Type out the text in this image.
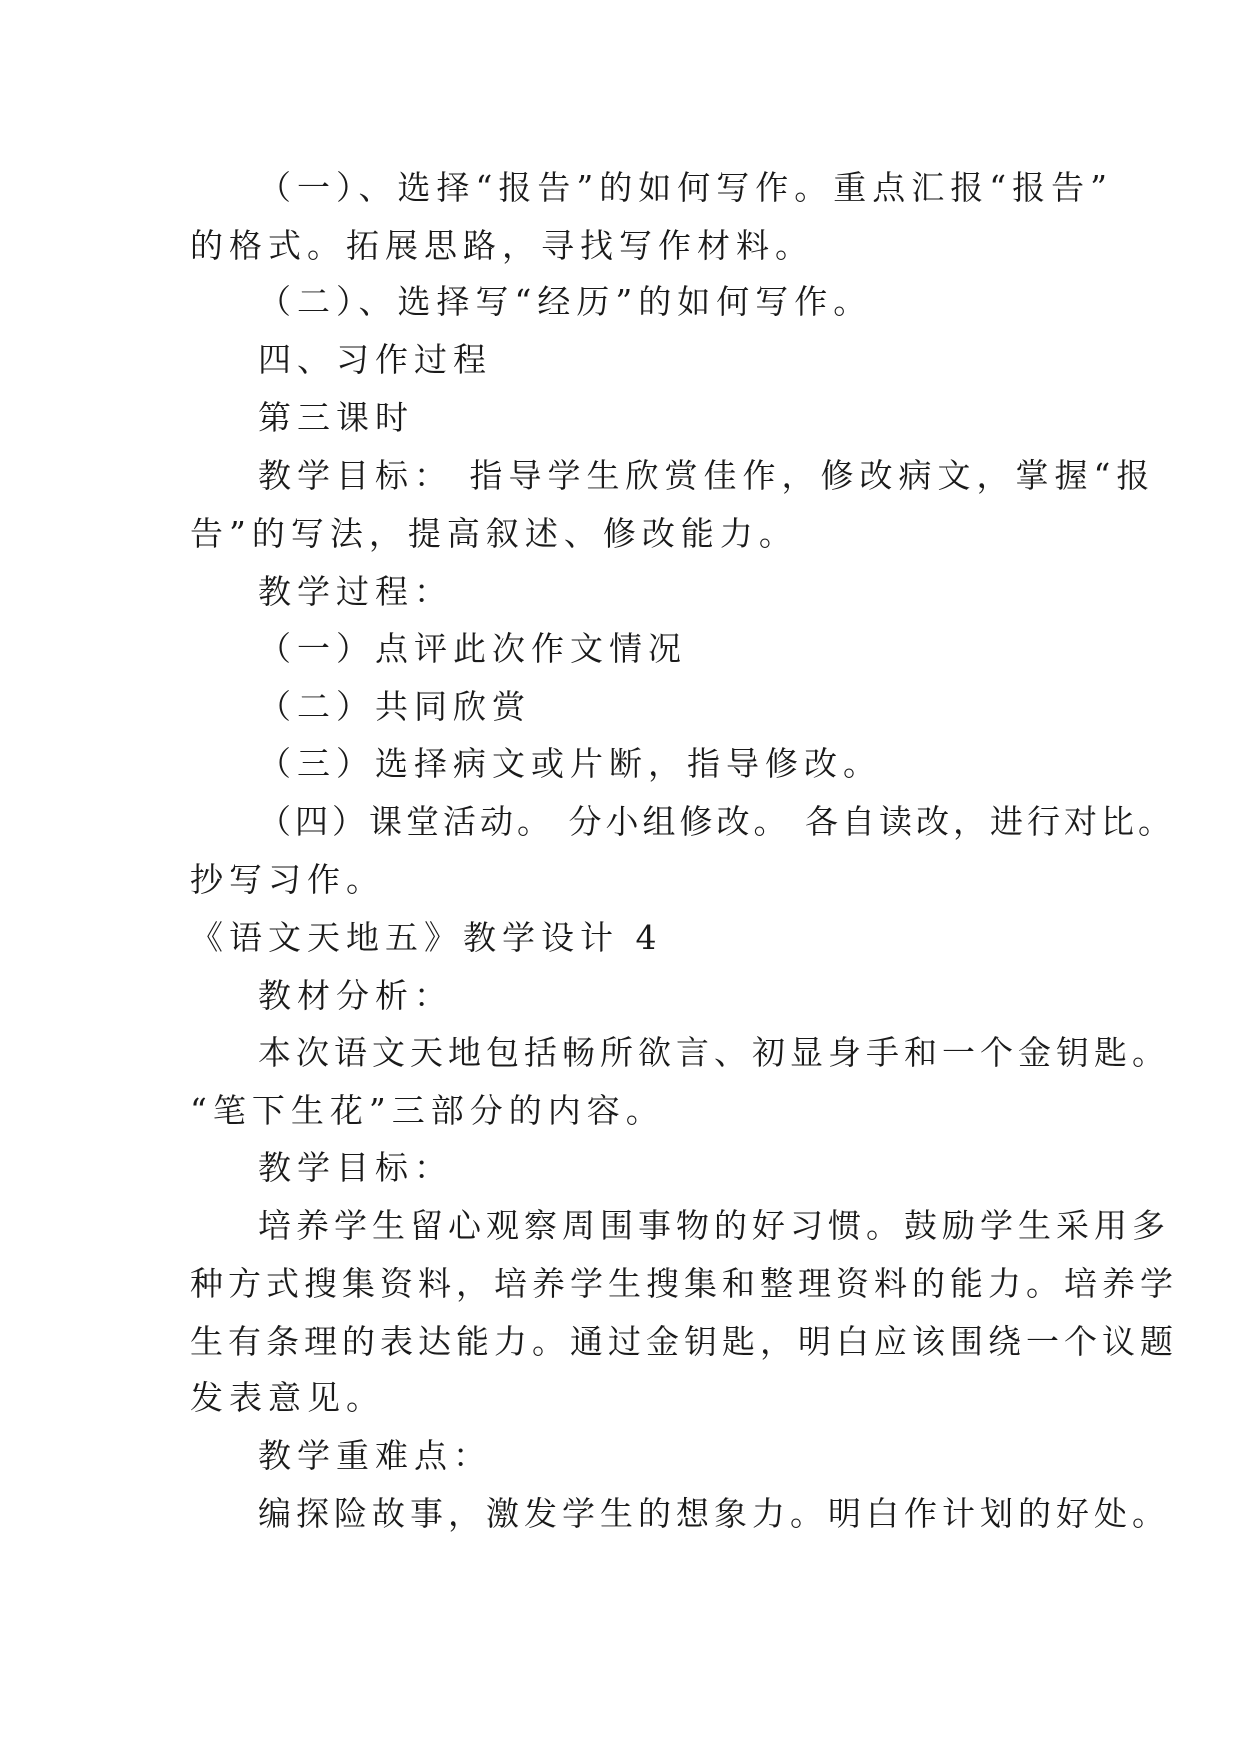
（一）、选择“报告”的如何写作。重点汇报“报告”
的格式。拓展思路，寻找写作材料。
（二）、选择写“经历”的如何写作。
四、习作过程
第三课时
教学目标： 指导学生欣赏佳作，修改病文，掌握“报
告”的写法，提高叙述、修改能力。
教学过程：
（一）点评此次作文情况
（二）共同欣赏
（三）选择病文或片断，指导修改。
（四）课堂活动。 分小组修改。 各自读改，进行对比。
抄写习作。
《语文天地五》教学设计 4
教材分析：
本次语文天地包括畅所欲言、初显身手和一个金钥匙。
“笔下生花”三部分的内容。
教学目标：
培养学生留心观察周围事物的好习惯。鼓励学生采用多
种方式搜集资料，培养学生搜集和整理资料的能力。培养学
生有条理的表达能力。通过金钥匙，明白应该围绕一个议题
发表意见。
教学重难点：
编探险故事，激发学生的想象力。明白作计划的好处。
